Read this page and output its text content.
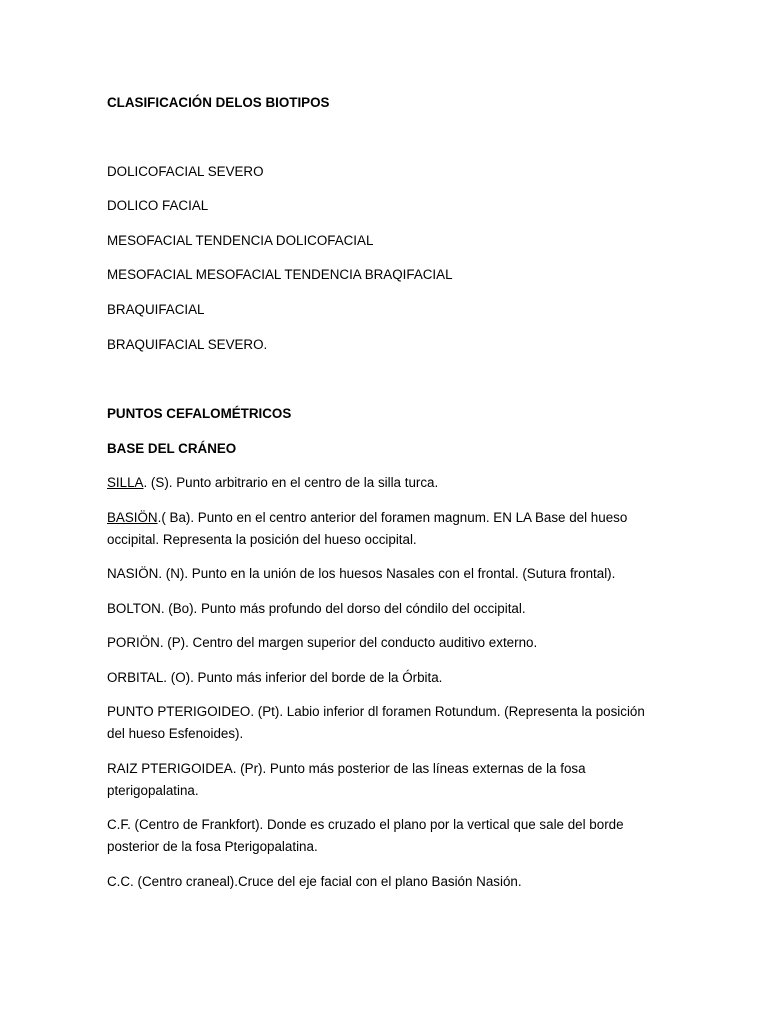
CLASIFICACIÓN DELOS BIOTIPOS
DOLICOFACIAL SEVERO
DOLICO FACIAL
MESOFACIAL TENDENCIA DOLICOFACIAL
MESOFACIAL MESOFACIAL TENDENCIA BRAQIFACIAL
BRAQUIFACIAL
BRAQUIFACIAL SEVERO.
PUNTOS CEFALOMÉTRICOS
BASE DEL CRÁNEO
SILLA. (S). Punto arbitrario en el centro de la silla turca.
BASIÖN.( Ba). Punto en el centro anterior del foramen magnum. EN LA Base del hueso occipital. Representa la posición del hueso occipital.
NASIÖN. (N). Punto en la unión de los huesos Nasales con el frontal. (Sutura frontal).
BOLTON. (Bo). Punto más profundo del dorso del cóndilo del occipital.
PORIÖN. (P). Centro del margen superior del conducto auditivo externo.
ORBITAL. (O). Punto más inferior del borde de la Órbita.
PUNTO PTERIGOIDEO. (Pt). Labio inferior dl foramen Rotundum. (Representa la posición del hueso Esfenoides).
RAIZ PTERIGOIDEA. (Pr). Punto más posterior de las líneas externas de la fosa pterigopalatina.
C.F. (Centro de Frankfort). Donde es cruzado el plano por la vertical que sale del borde posterior de la fosa Pterigopalatina.
C.C. (Centro craneal).Cruce del eje facial con el plano Basión Nasión.
